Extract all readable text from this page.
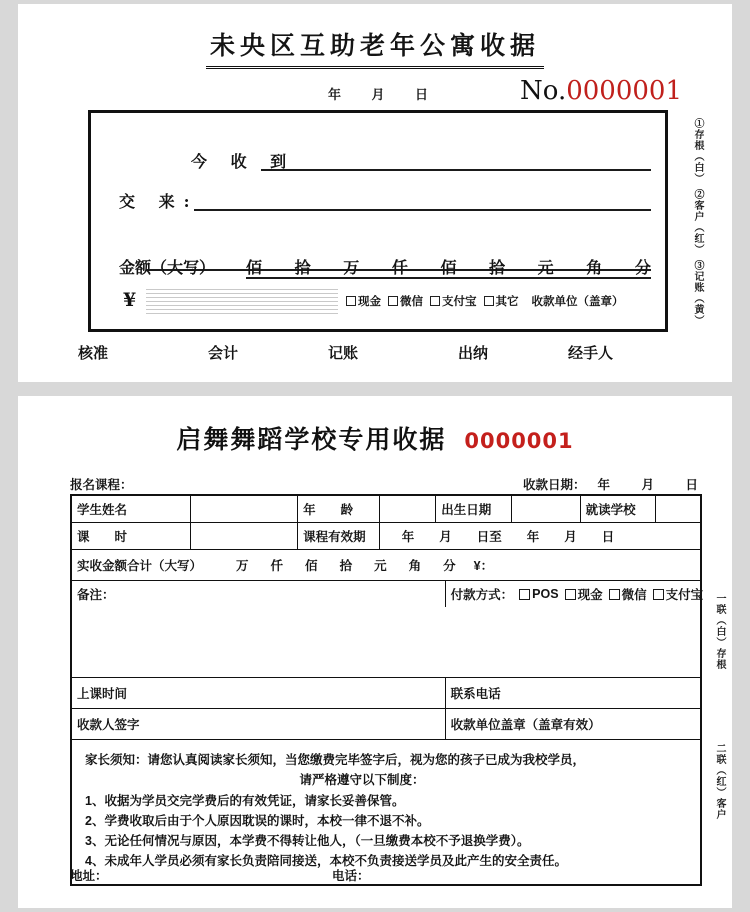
未央区互助老年公寓收据
年 月 日	No.0000001
今 收 到
交 来:
金额（大写） 佰 拾 万 仟 佰 拾 元 角 分
¥	现金 微信 支付宝 其它 收款单位（盖章）
①存根（白）
②客户（红）
③记账（黄）
核准	会计	记账	出纳	经手人
启舞舞蹈学校专用收据 0000001
报名课程：	收款日期： 年 月 日
学生姓名	年　　龄	出生日期	就读学校
课　　时	课程有效期	年　　月　　日至　　年　　月　　日
实收金额合计（大写）	万 仟 佰 拾 元 角 分 ¥：
备注：	付款方式： POS 现金 微信 支付宝
上课时间	联系电话
收款人签字	收款单位盖章（盖章有效）
家长须知：请您认真阅读家长须知，当您缴费完毕签字后，视为您的孩子已成为我校学员，
请严格遵守以下制度：
1、收据为学员交完学费后的有效凭证，请家长妥善保管。
2、学费收取后由于个人原因耽误的课时，本校一律不退不补。
3、无论任何情况与原因，本学费不得转让他人，（一旦缴费本校不予退换学费）。
4、未成年人学员必须有家长负责陪同接送，本校不负责接送学员及此产生的安全责任。
一联（白）存根
二联（红）客户
地址：	电话：
